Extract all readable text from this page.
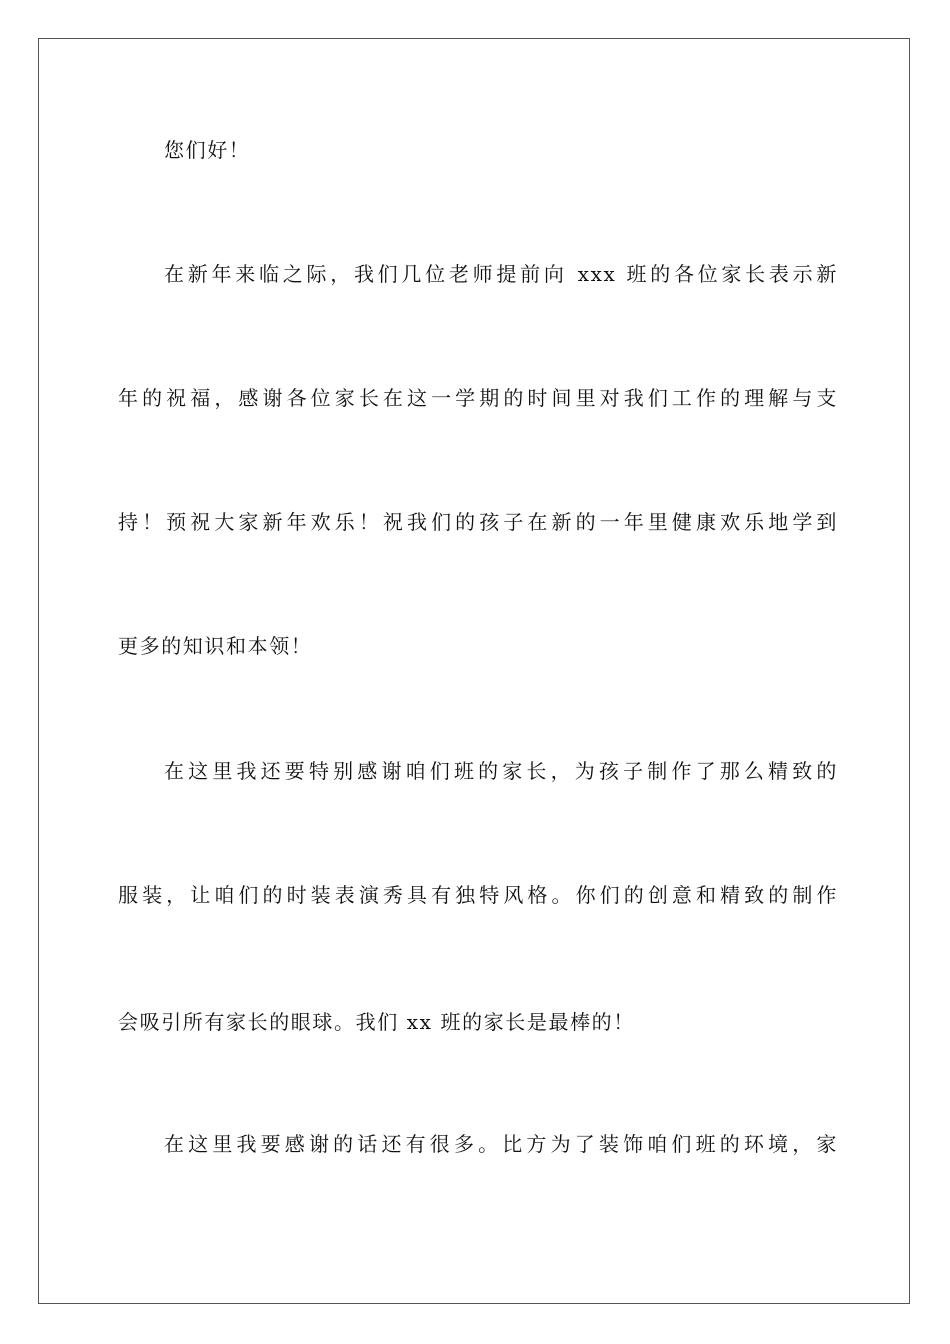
您们好！
在新年来临之际，我们几位老师提前向 xxx 班的各位家长表示新
年的祝福，感谢各位家长在这一学期的时间里对我们工作的理解与支
持！预祝大家新年欢乐！祝我们的孩子在新的一年里健康欢乐地学到
更多的知识和本领！
在这里我还要特别感谢咱们班的家长，为孩子制作了那么精致的
服装，让咱们的时装表演秀具有独特风格。你们的创意和精致的制作
会吸引所有家长的眼球。我们 xx 班的家长是最棒的！
在这里我要感谢的话还有很多。比方为了装饰咱们班的环境，家
